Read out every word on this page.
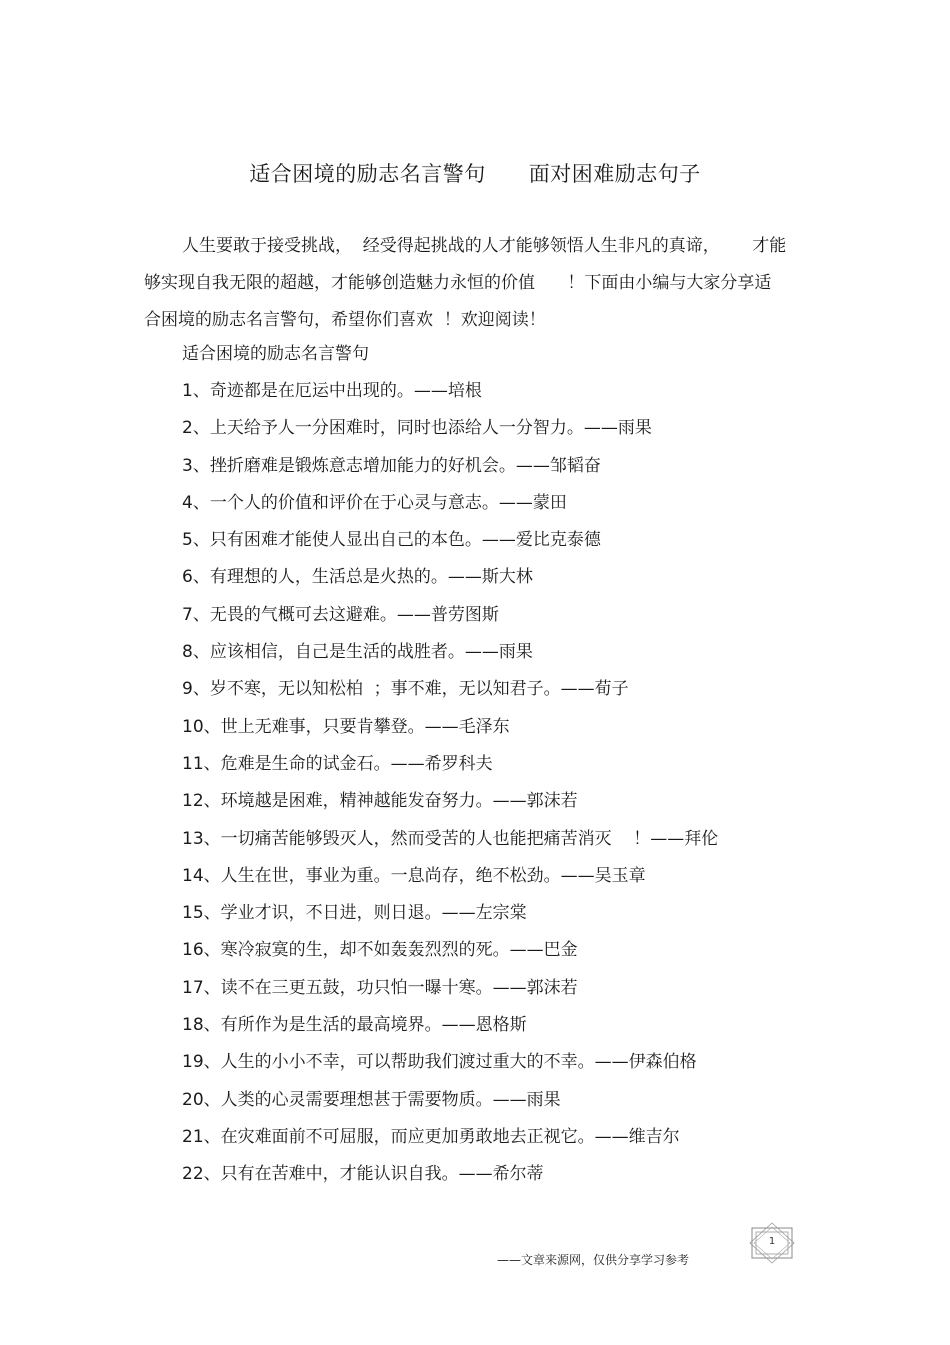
适合困境的励志名言警句      面对困难励志句子

人生要敢于接受挑战，  经受得起挑战的人才能够领悟人生非凡的真谛，      才能

够实现自我无限的超越，才能够创造魅力永恒的价值      ！下面由小编与大家分享适

合困境的励志名言警句，希望你们喜欢  ！欢迎阅读！

适合困境的励志名言警句
1、奇迹都是在厄运中出现的。——培根
2、上天给予人一分困难时，同时也添给人一分智力。——雨果
3、挫折磨难是锻炼意志增加能力的好机会。——邹韬奋
4、一个人的价值和评价在于心灵与意志。——蒙田
5、只有困难才能使人显出自己的本色。——爱比克泰德
6、有理想的人，生活总是火热的。——斯大林
7、无畏的气概可去这避难。——普劳图斯
8、应该相信，自己是生活的战胜者。——雨果
9、岁不寒，无以知松柏  ；事不难，无以知君子。——荀子
10、世上无难事，只要肯攀登。——毛泽东
11、危难是生命的试金石。——希罗科夫
12、环境越是困难，精神越能发奋努力。——郭沫若
13、一切痛苦能够毁灭人，然而受苦的人也能把痛苦消灭    ！——拜伦
14、人生在世，事业为重。一息尚存，绝不松劲。——吴玉章
15、学业才识，不日进，则日退。——左宗棠
16、寒冷寂寞的生，却不如轰轰烈烈的死。——巴金
17、读不在三更五鼓，功只怕一曝十寒。——郭沫若
18、有所作为是生活的最高境界。——恩格斯
19、人生的小小不幸，可以帮助我们渡过重大的不幸。——伊森伯格
20、人类的心灵需要理想甚于需要物质。——雨果
21、在灾难面前不可屈服，而应更加勇敢地去正视它。——维吉尔
22、只有在苦难中，才能认识自我。——希尔蒂
1
——文章来源网，仅供分享学习参考
